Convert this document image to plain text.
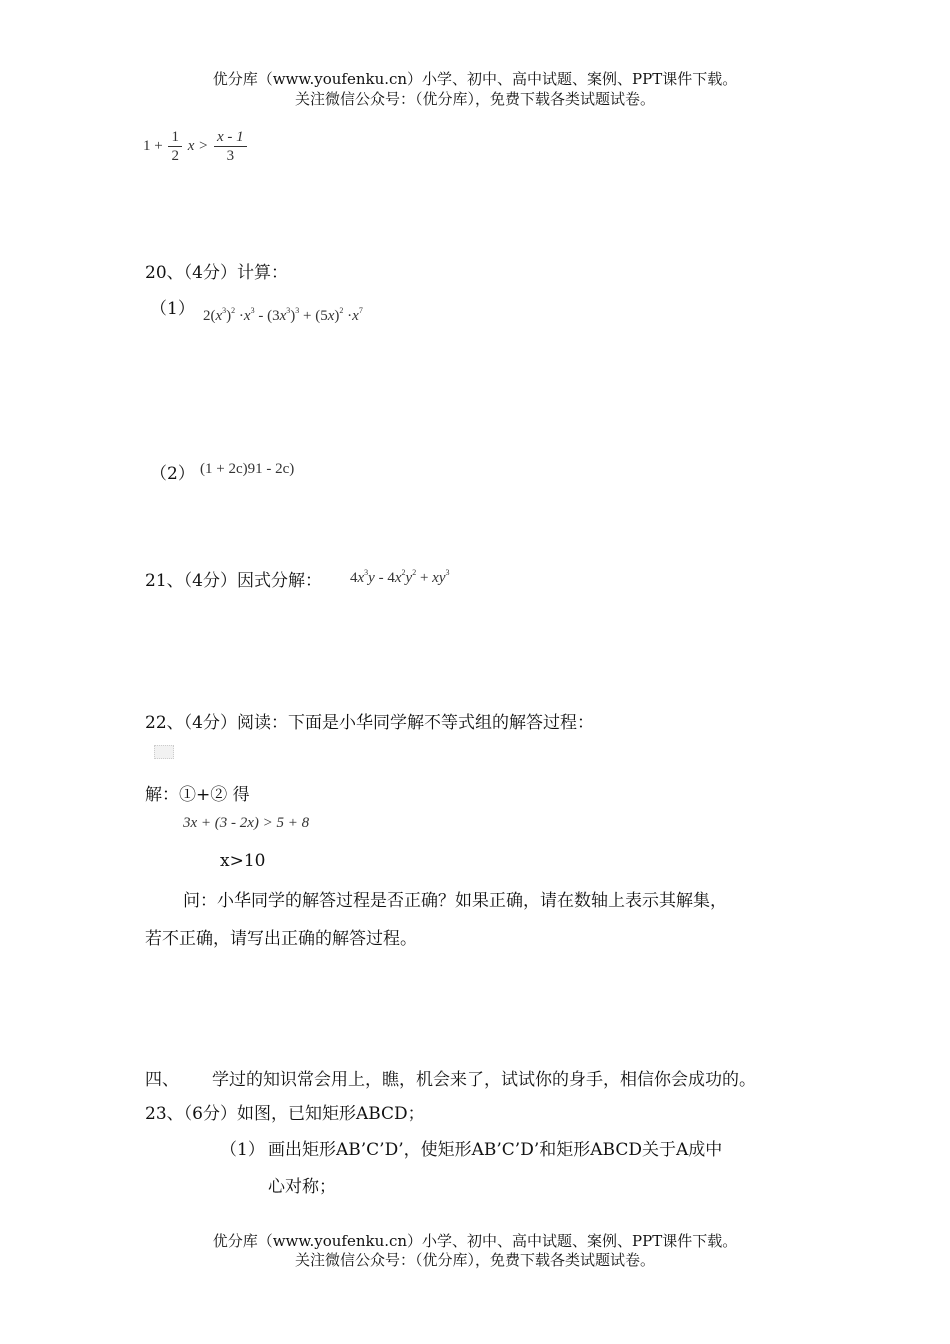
优分库（www.youfenku.cn）小学、初中、高中试题、案例、PPT课件下载。
关注微信公众号：（优分库），免费下载各类试题试卷。
$1 + \frac{1}{2}$ $x > \frac{x - 1}{3}$
20、（4分）计算：
（1） $2(x^3)^2 \cdot x^3 - (3x^3)^3 + (5x)^2 \cdot x^7$
（2） (1 + 2c)91 - 2c)
21、（4分）因式分解： $4x^3y - 4x^2y^2 + xy^3$
22、（4分）阅读：下面是小华同学解不等式组的解答过程：
解：①+② 得
3x + (3 - 2x) > 5 + 8
x>10
问：小华同学的解答过程是否正确？如果正确，请在数轴上表示其解集，
若不正确，请写出正确的解答过程。
四、 学过的知识常会用上，瞧，机会来了，试试你的身手，相信你会成功的。
23、（6分）如图，已知矩形ABCD；
（1） 画出矩形AB’C’D’，使矩形AB’C’D’和矩形ABCD关于A成中
心对称；
优分库（www.youfenku.cn）小学、初中、高中试题、案例、PPT课件下载。
关注微信公众号：（优分库），免费下载各类试题试卷。
